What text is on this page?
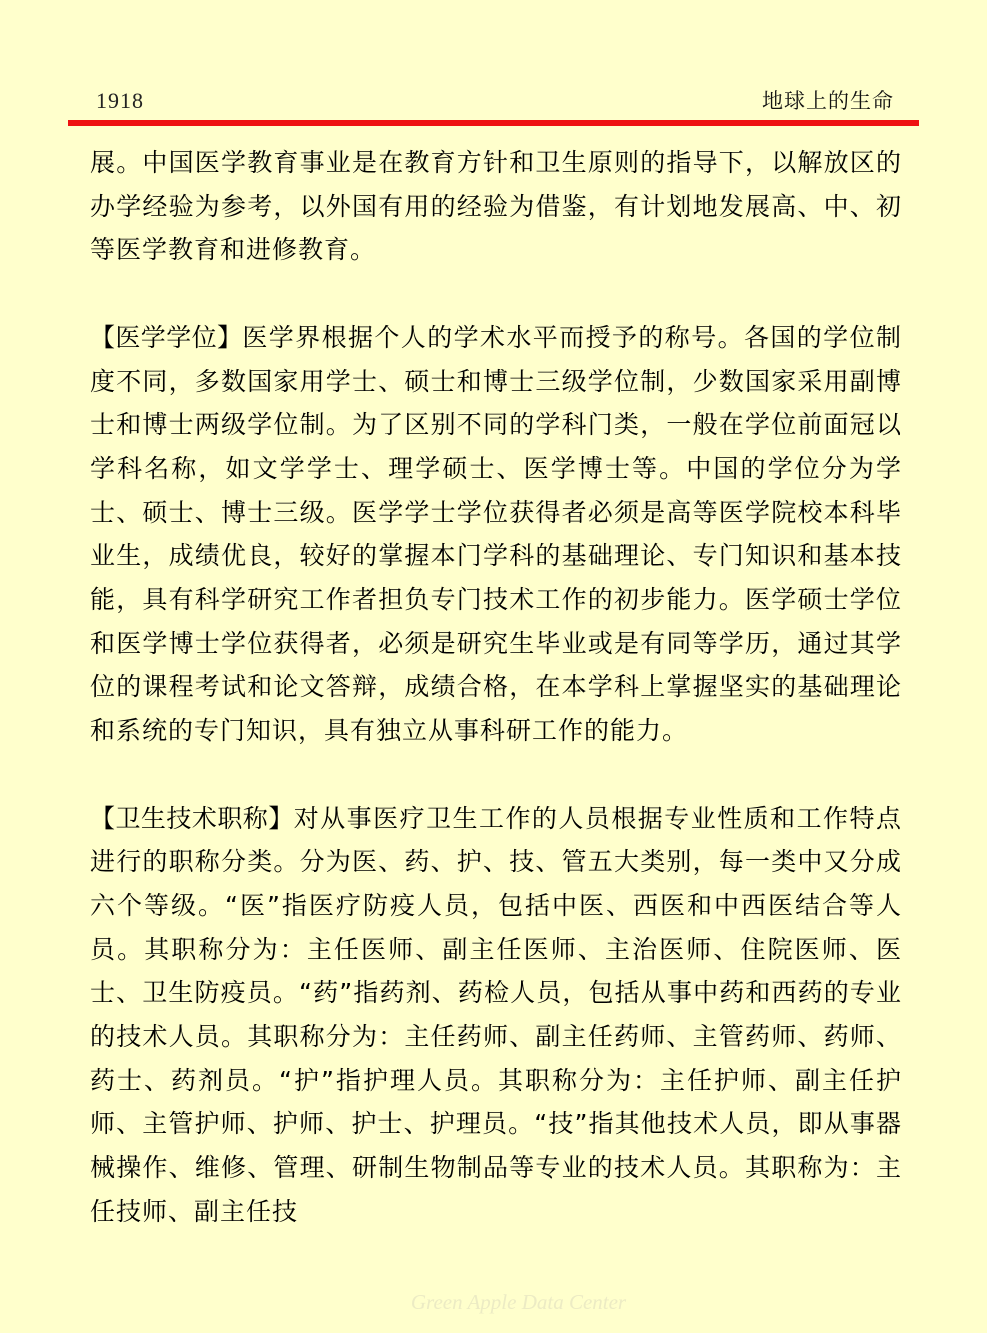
1918	地球上的生命

展。中国医学教育事业是在教育方针和卫生原则的指导下，以解放区的办学经验为参考，以外国有用的经验为借鉴，有计划地发展高、中、初等医学教育和进修教育。

【医学学位】医学界根据个人的学术水平而授予的称号。各国的学位制度不同，多数国家用学士、硕士和博士三级学位制，少数国家采用副博士和博士两级学位制。为了区别不同的学科门类，一般在学位前面冠以学科名称，如文学学士、理学硕士、医学博士等。中国的学位分为学士、硕士、博士三级。医学学士学位获得者必须是高等医学院校本科毕业生，成绩优良，较好的掌握本门学科的基础理论、专门知识和基本技能，具有科学研究工作者担负专门技术工作的初步能力。医学硕士学位和医学博士学位获得者，必须是研究生毕业或是有同等学历，通过其学位的课程考试和论文答辩，成绩合格，在本学科上掌握坚实的基础理论和系统的专门知识，具有独立从事科研工作的能力。

【卫生技术职称】对从事医疗卫生工作的人员根据专业性质和工作特点进行的职称分类。分为医、药、护、技、管五大类别，每一类中又分成六个等级。“医”指医疗防疫人员，包括中医、西医和中西医结合等人员。其职称分为：主任医师、副主任医师、主治医师、住院医师、医士、卫生防疫员。“药”指药剂、药检人员，包括从事中药和西药的专业的技术人员。其职称分为：主任药师、副主任药师、主管药师、药师、药士、药剂员。“护”指护理人员。其职称分为：主任护师、副主任护师、主管护师、护师、护士、护理员。“技”指其他技术人员，即从事器械操作、维修、管理、研制生物制品等专业的技术人员。其职称为：主任技师、副主任技

Green Apple Data Center
